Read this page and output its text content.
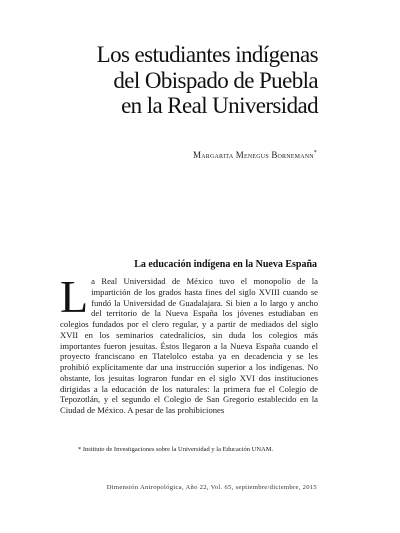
Los estudiantes indígenas
del Obispado de Puebla
en la Real Universidad
Margarita Menegus Bornemann*
La educación indígena en la Nueva España
La Real Universidad de México tuvo el monopolio de la impartición de los grados hasta fines del siglo XVIII cuando se fundó la Universidad de Guadalajara. Si bien a lo largo y ancho del territorio de la Nueva España los jóvenes estudiaban en colegios fundados por el clero regular, y a partir de mediados del siglo XVII en los seminarios catedralicios, sin duda los colegios más importantes fueron jesuitas. Éstos llegaron a la Nueva España cuando el proyecto franciscano en Tlatelolco estaba ya en decadencia y se les prohibió explícitamente dar una instrucción superior a los indígenas. No obstante, los jesuitas lograron fundar en el siglo XVI dos instituciones dirigidas a la educación de los naturales: la primera fue el Colegio de Tepozotlán, y el segundo el Colegio de San Gregorio establecido en la Ciudad de México. A pesar de las prohibiciones
* Instituto de Investigaciones sobre la Universidad y la Educación UNAM.
Dimensión Antropológica, Año 22, Vol. 65, septiembre/diciembre, 2015
